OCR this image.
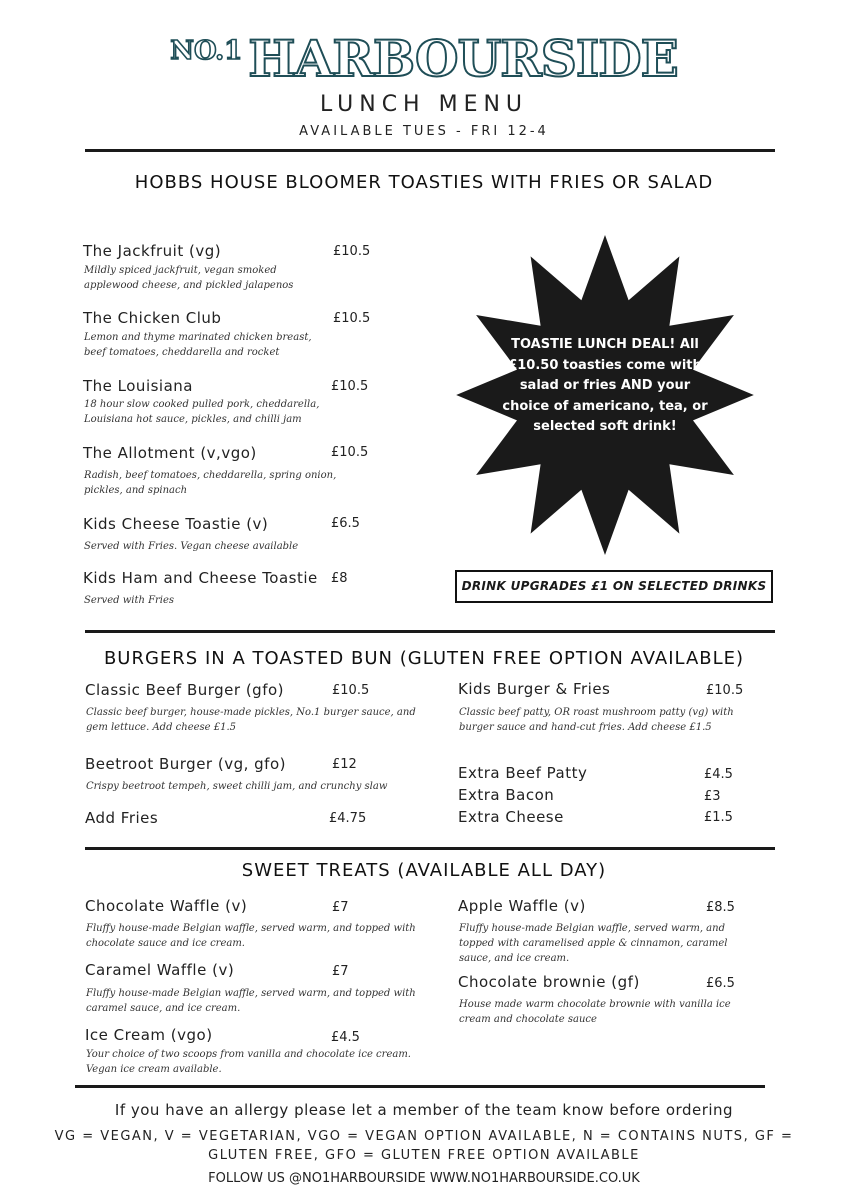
NO.1 HARBOURSIDE
LUNCH MENU
AVAILABLE TUES - FRI 12-4
HOBBS HOUSE BLOOMER TOASTIES WITH FRIES OR SALAD
The Jackfruit (vg)	£10.5
Mildly spiced jackfruit, vegan smoked applewood cheese, and pickled jalapenos
The Chicken Club	£10.5
Lemon and thyme marinated chicken breast, beef tomatoes, cheddarella and rocket
The Louisiana	£10.5
18 hour slow cooked pulled pork, cheddarella, Louisiana hot sauce, pickles, and chilli jam
The Allotment (v,vgo)	£10.5
Radish, beef tomatoes, cheddarella, spring onion, pickles, and spinach
Kids Cheese Toastie (v)	£6.5
Served with Fries. Vegan cheese available
Kids Ham and Cheese Toastie £8
Served with Fries
TOASTIE LUNCH DEAL! All £10.50 toasties come with salad or fries AND your choice of americano, tea, or selected soft drink!
DRINK UPGRADES £1 ON SELECTED DRINKS
BURGERS IN A TOASTED BUN (GLUTEN FREE OPTION AVAILABLE)
Classic Beef Burger (gfo)	£10.5
Classic beef burger, house-made pickles, No.1 burger sauce, and gem lettuce. Add cheese £1.5
Beetroot Burger (vg, gfo)	£12
Crispy beetroot tempeh, sweet chilli jam, and crunchy slaw
Add Fries	£4.75
Kids Burger & Fries	£10.5
Classic beef patty, OR roast mushroom patty (vg) with burger sauce and hand-cut fries. Add cheese £1.5
Extra Beef Patty	£4.5
Extra Bacon	£3
Extra Cheese	£1.5
SWEET TREATS (AVAILABLE ALL DAY)
Chocolate Waffle (v)	£7
Fluffy house-made Belgian waffle, served warm, and topped with chocolate sauce and ice cream.
Caramel Waffle (v)	£7
Fluffy house-made Belgian waffle, served warm, and topped with caramel sauce, and ice cream.
Ice Cream (vgo)	£4.5
Your choice of two scoops from vanilla and chocolate ice cream. Vegan ice cream available.
Apple Waffle (v)	£8.5
Fluffy house-made Belgian waffle, served warm, and topped with caramelised apple & cinnamon, caramel sauce, and ice cream.
Chocolate brownie (gf)	£6.5
House made warm chocolate brownie with vanilla ice cream and chocolate sauce
If you have an allergy please let a member of the team know before ordering
VG = VEGAN, V = VEGETARIAN, VGO = VEGAN OPTION AVAILABLE, N = CONTAINS NUTS, GF = GLUTEN FREE, GFO = GLUTEN FREE OPTION AVAILABLE
FOLLOW US @NO1HARBOURSIDE WWW.NO1HARBOURSIDE.CO.UK
